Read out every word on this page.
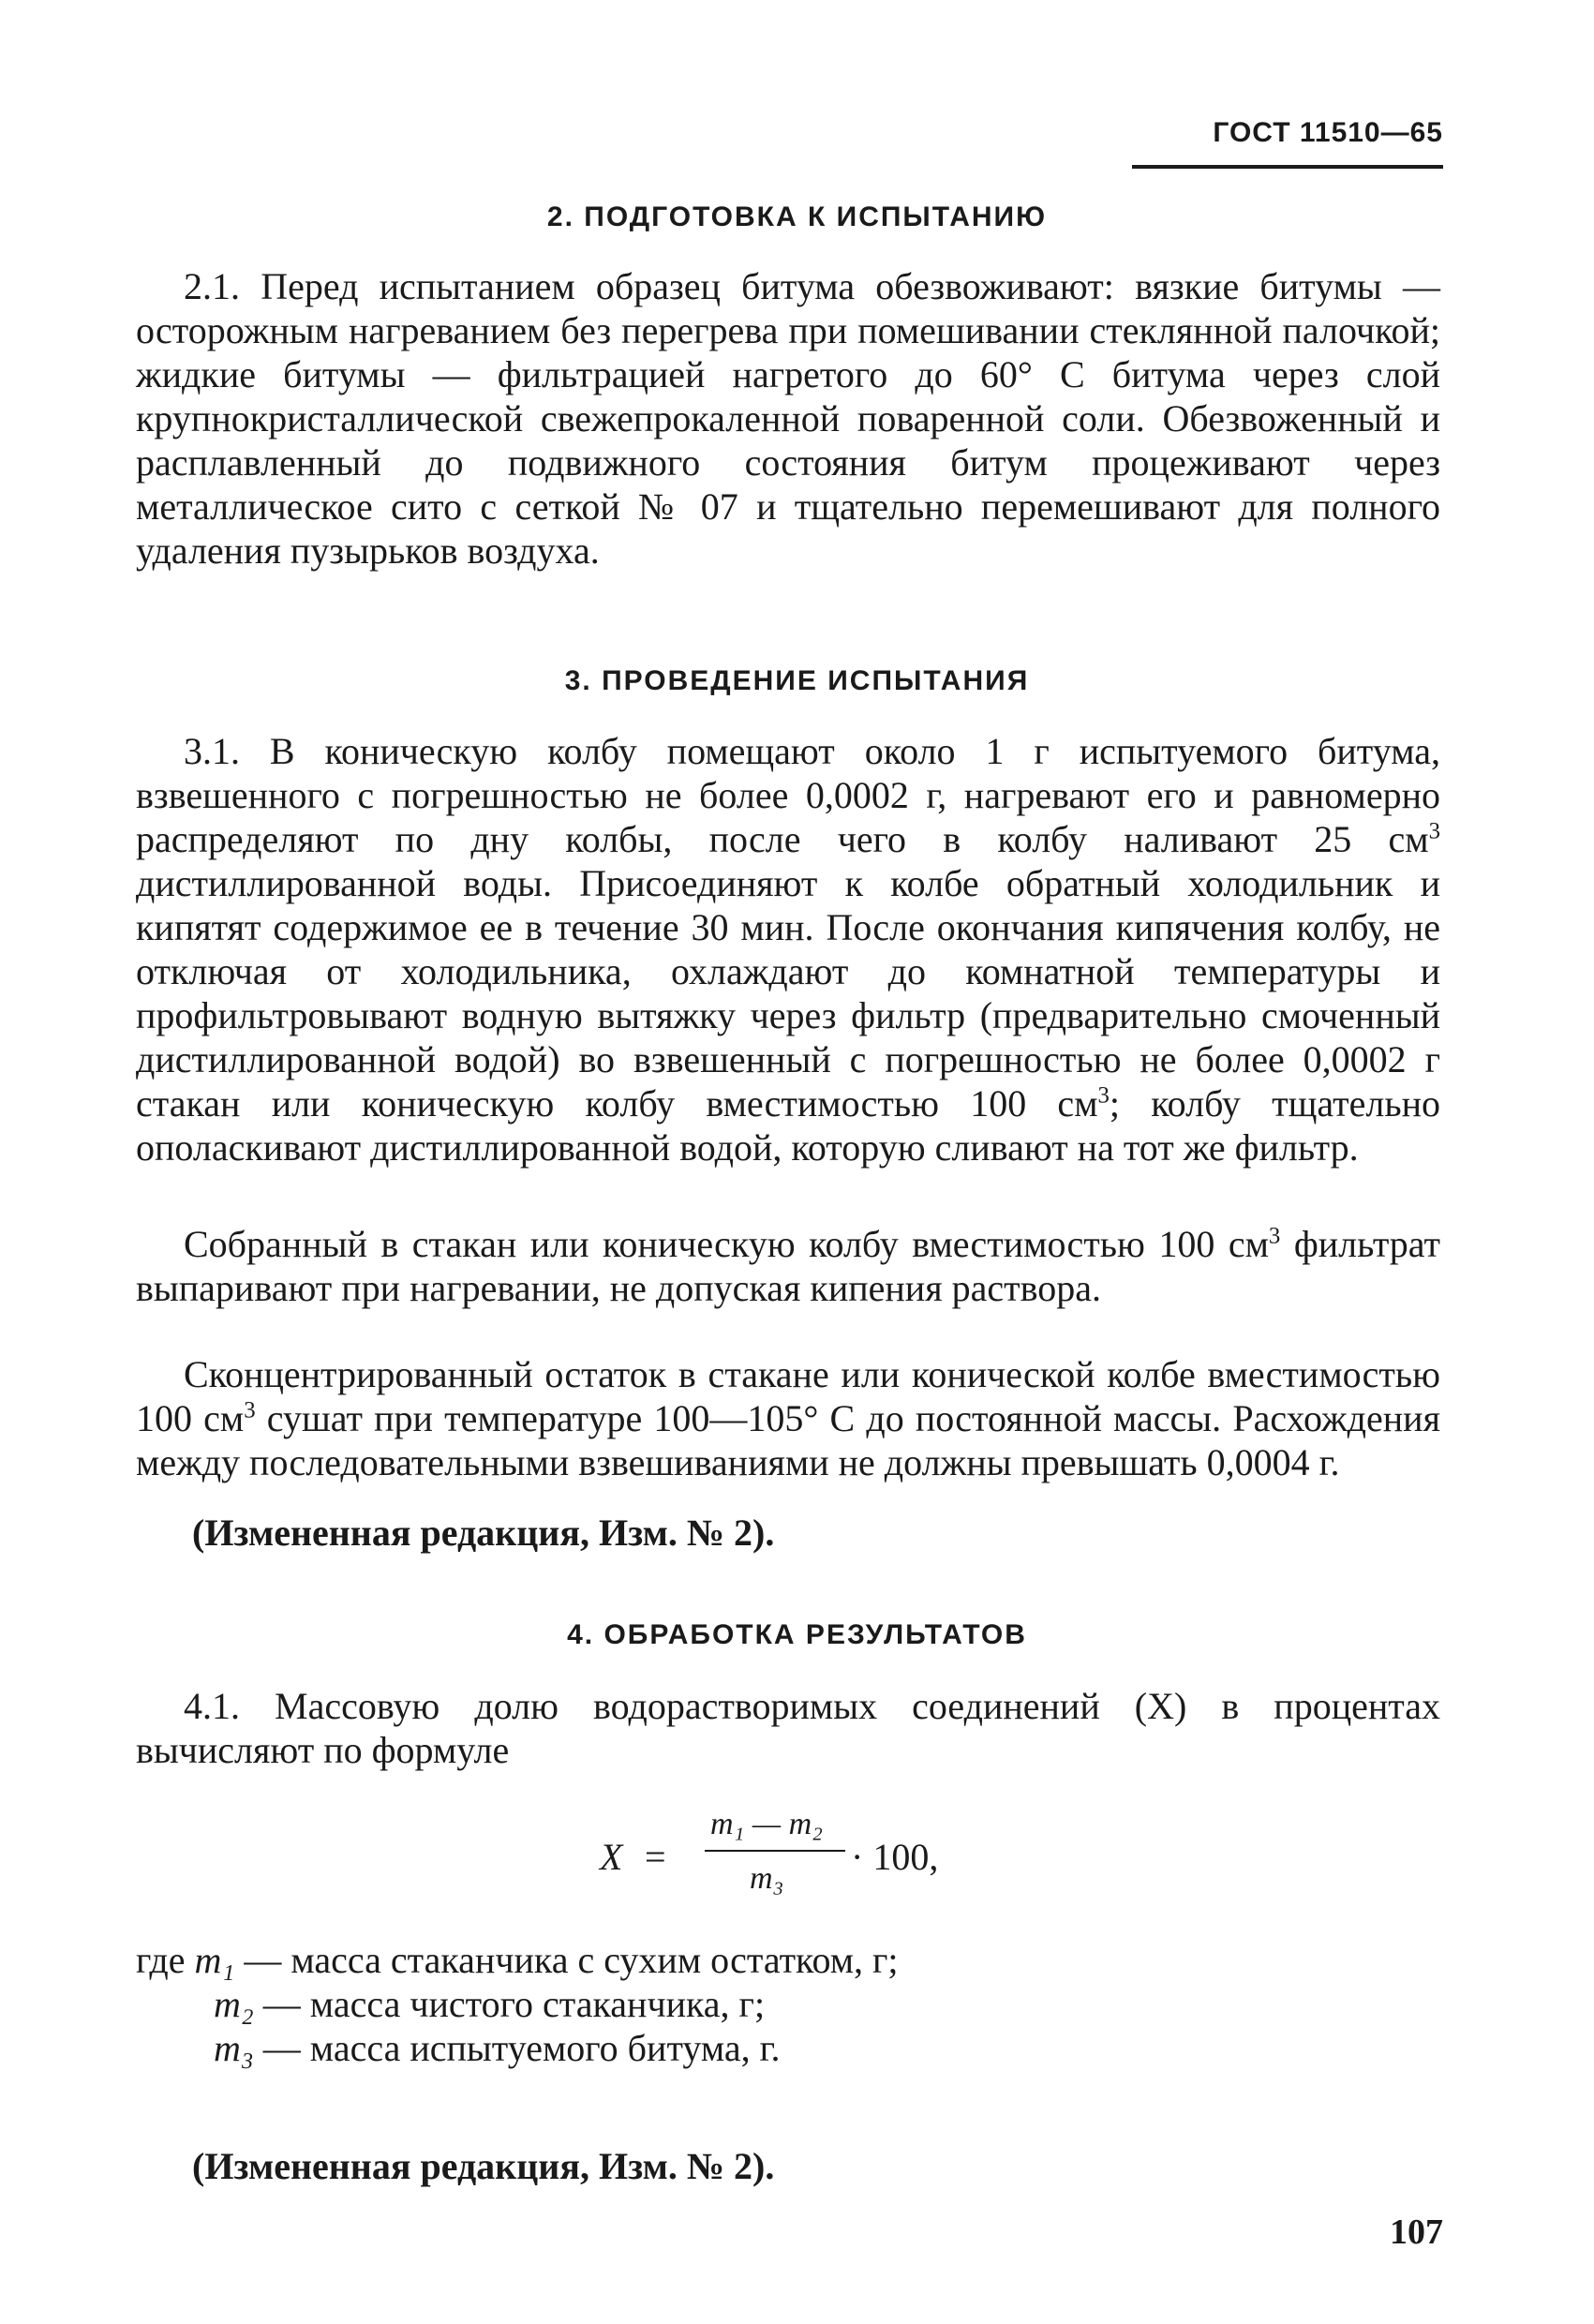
ГОСТ 11510—65
2. ПОДГОТОВКА К ИСПЫТАНИЮ

2.1. Перед испытанием образец битума обезвоживают: вязкие битумы — осторожным нагреванием без перегрева при помешивании стеклянной палочкой; жидкие битумы — фильтрацией нагретого до 60° С битума через слой крупнокристаллической свежепрокаленной поваренной соли. Обезвоженный и расплавленный до подвижного состояния битум процеживают через металлическое сито с сеткой № 07 и тщательно перемешивают для полного удаления пузырьков воздуха.

3. ПРОВЕДЕНИЕ ИСПЫТАНИЯ

3.1. В коническую колбу помещают около 1 г испытуемого битума, взвешенного с погрешностью не более 0,0002 г, нагревают его и равномерно распределяют по дну колбы, после чего в колбу наливают 25 $см^3$ дистиллированной воды. Присоединяют к колбе обратный холодильник и кипятят содержимое ее в течение 30 мин. После окончания кипячения колбу, не отключая от холодильника, охлаждают до комнатной температуры и профильтровывают водную вытяжку через фильтр (предварительно смоченный дистиллированной водой) во взвешенный с погрешностью не более 0,0002 г стакан или коническую колбу вместимостью 100 $см^3$; колбу тщательно ополаскивают дистиллированной водой, которую сливают на тот же фильтр.

Собранный в стакан или коническую колбу вместимостью 100 $см^3$ фильтрат выпаривают при нагревании, не допуская кипения раствора.

Сконцентрированный остаток в стакане или конической колбе вместимостью 100 $см^3$ сушат при температуре 100—105° С до постоянной массы. Расхождения между последовательными взвешиваниями не должны превышать 0,0004 г.

(Измененная редакция, Изм. № 2).

4. ОБРАБОТКА РЕЗУЛЬТАТОВ

4.1. Массовую долю водорастворимых соединений (X) в процентах вычисляют по формуле

X =
m₁ — m₂
m₃
· 100,

где m₁ — масса стаканчика с сухим остатком, г;

m₂ — масса чистого стаканчика, г;

m₃ — масса испытуемого битума, г.

(Измененная редакция, Изм. № 2).

107
